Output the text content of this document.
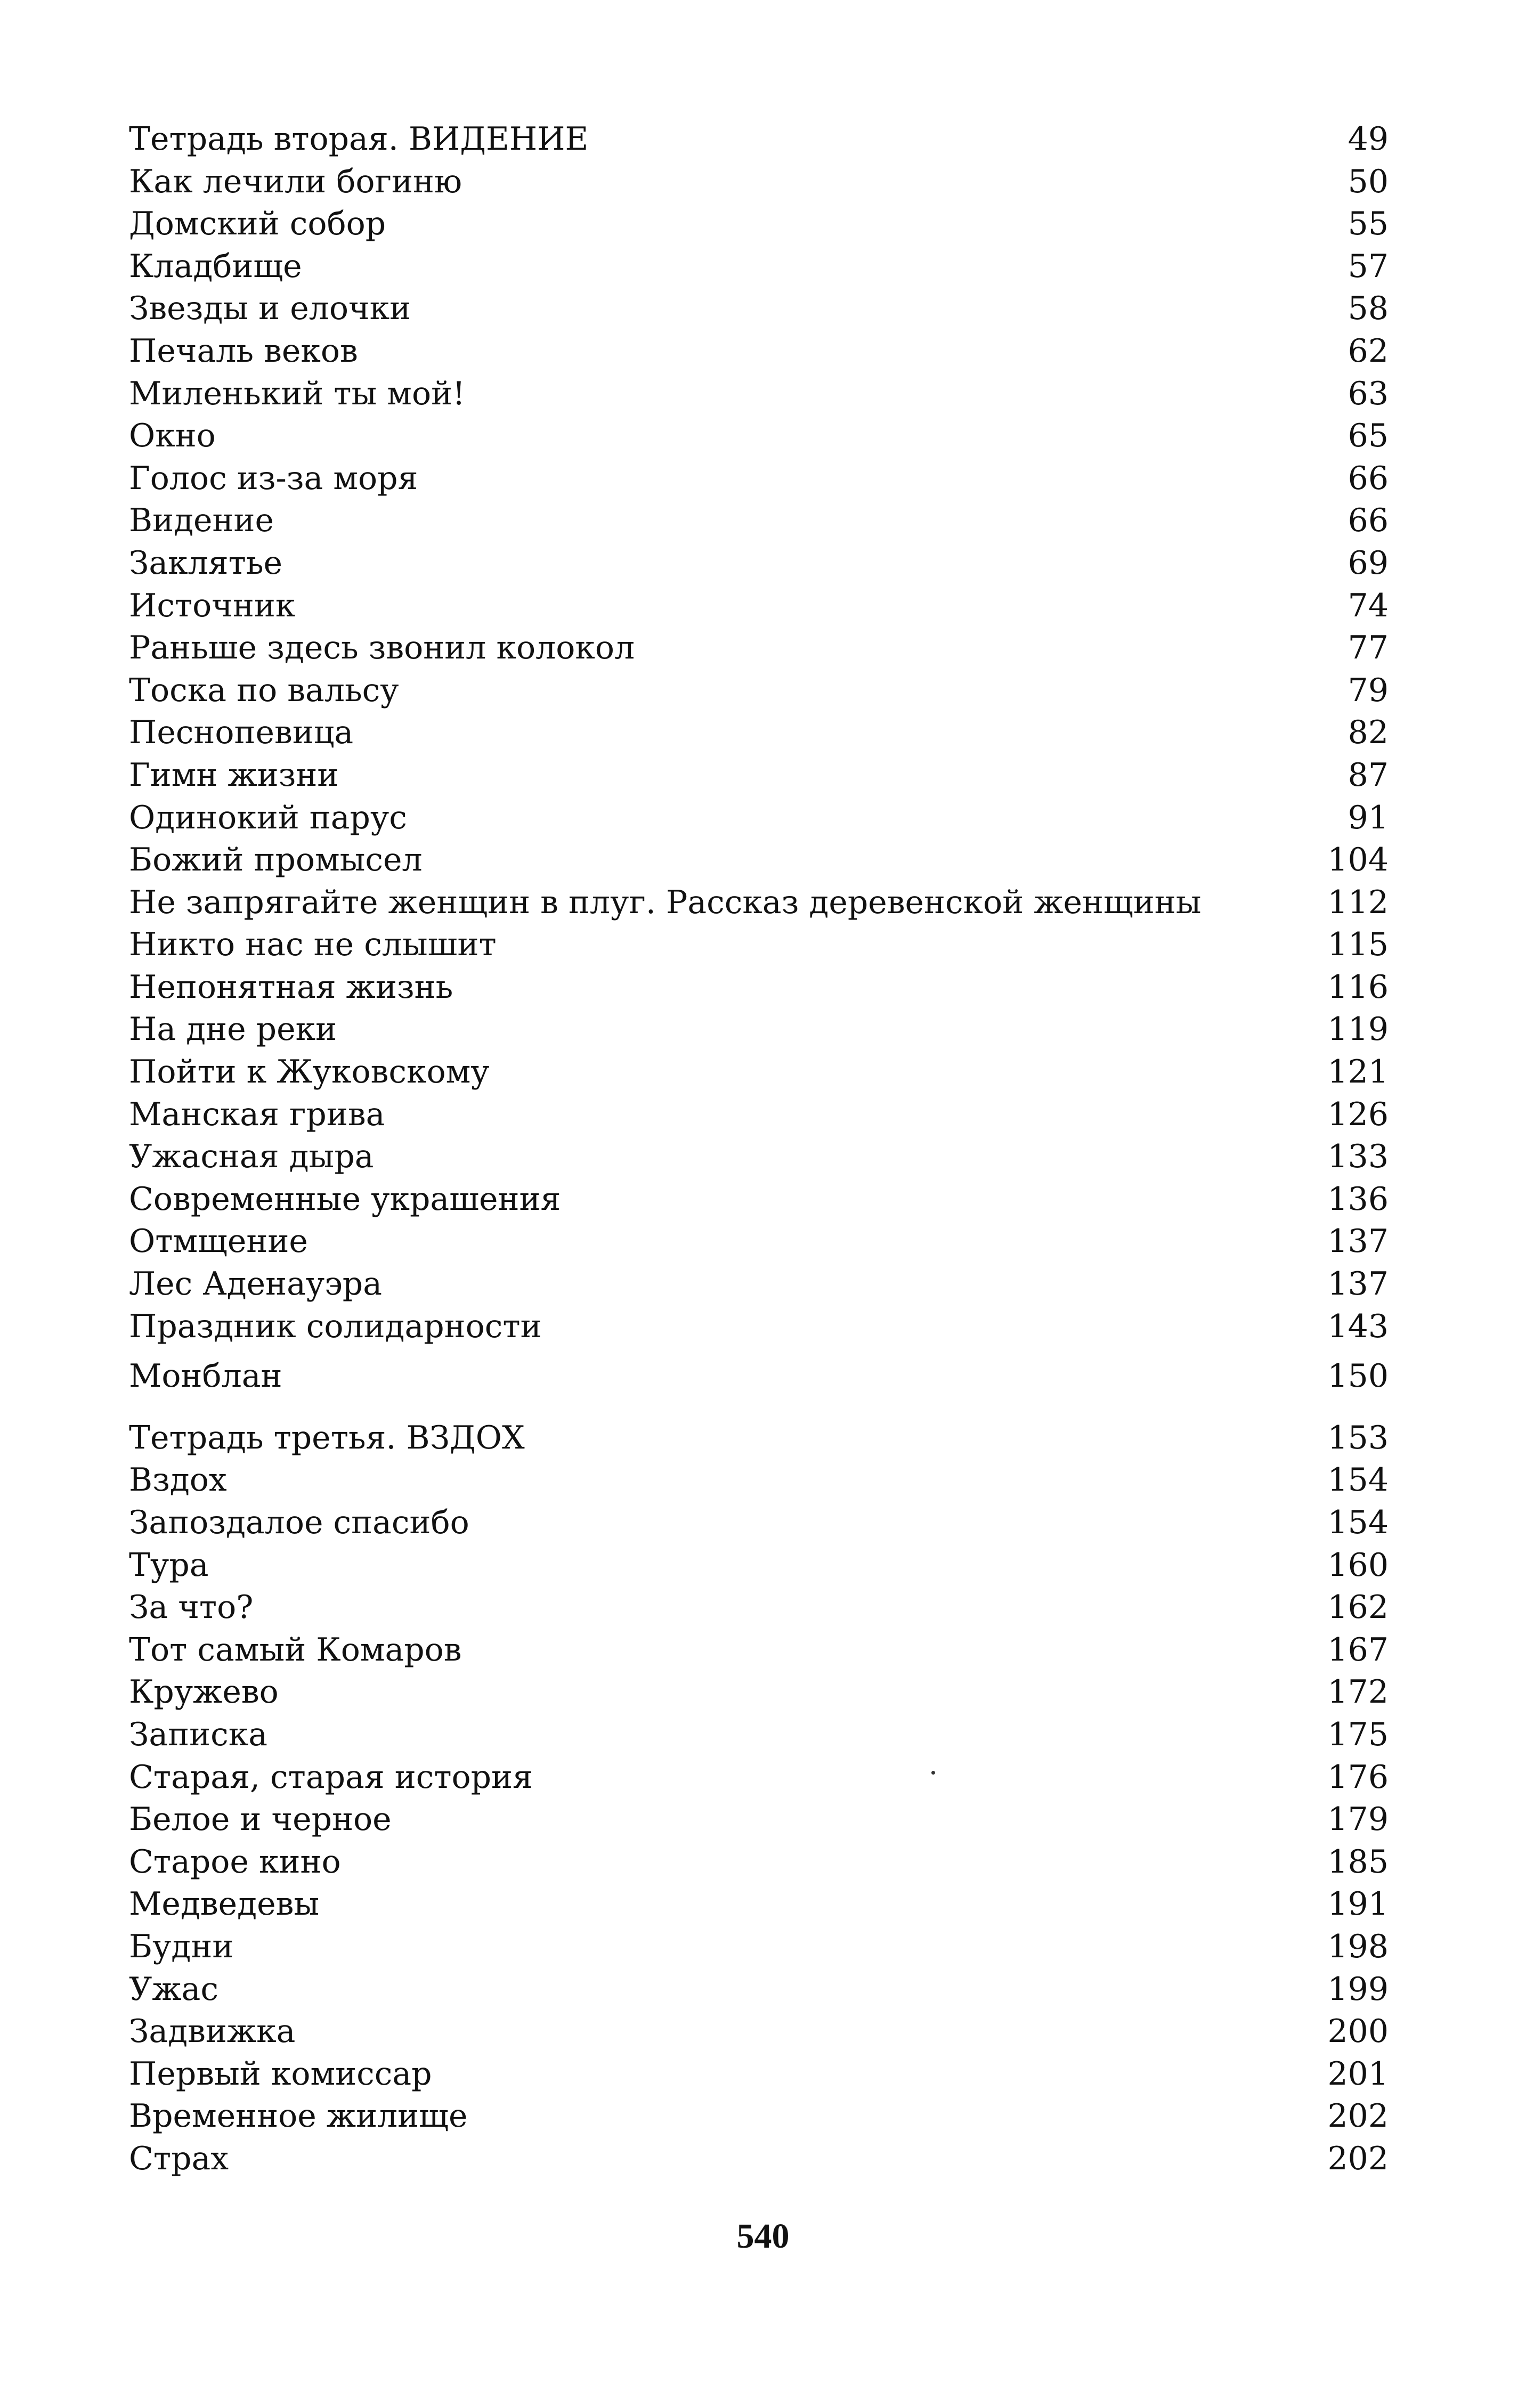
Тетрадь вторая. ВИДЕНИЕ	49
Как лечили богиню	50
Домский собор	55
Кладбище	57
Звезды и елочки	58
Печаль веков	62
Миленький ты мой!	63
Окно	65
Голос из-за моря	66
Видение	66
Заклятье	69
Источник	74
Раньше здесь звонил колокол	77
Тоска по вальсу	79
Песнопевица	82
Гимн жизни	87
Одинокий парус	91
Божий промысел	104
Не запрягайте женщин в плуг. Рассказ деревенской женщины	112
Никто нас не слышит	115
Непонятная жизнь	116
На дне реки	119
Пойти к Жуковскому	121
Манская грива	126
Ужасная дыра	133
Современные украшения	136
Отмщение	137
Лес Аденауэра	137
Праздник солидарности	143
Монблан	150
Тетрадь третья. ВЗДОХ	153
Вздох	154
Запоздалое спасибо	154
Тура	160
За что?	162
Тот самый Комаров	167
Кружево	172
Записка	175
Старая, старая история	176
Белое и черное	179
Старое кино	185
Медведевы	191
Будни	198
Ужас	199
Задвижка	200
Первый комиссар	201
Временное жилище	202
Страх	202
540
